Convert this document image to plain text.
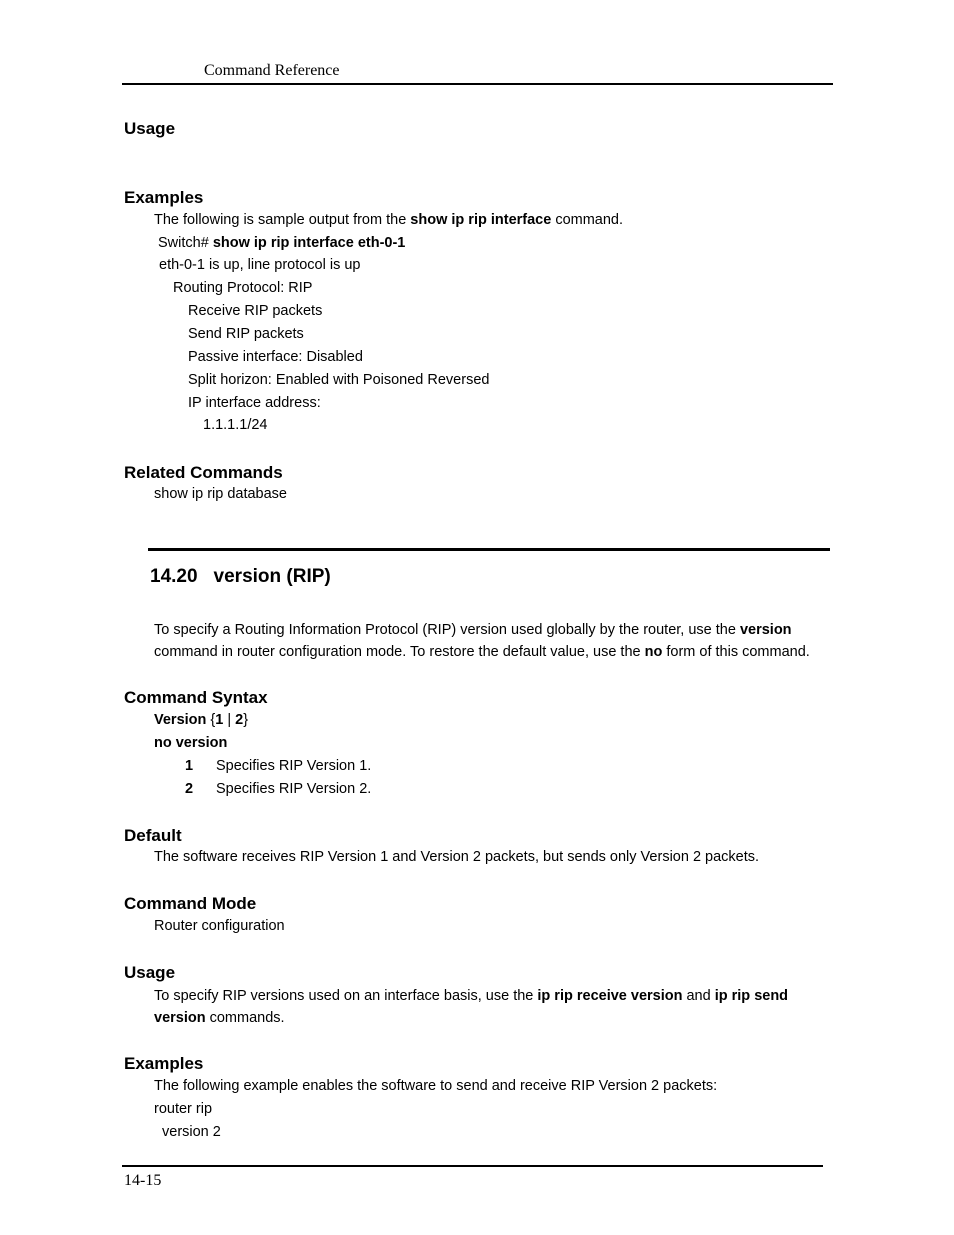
Command Reference
Usage
Examples
The following is sample output from the show ip rip interface command.
Switch# show ip rip interface eth-0-1
eth-0-1 is up, line protocol is up
Routing Protocol: RIP
Receive RIP packets
Send RIP packets
Passive interface: Disabled
Split horizon: Enabled with Poisoned Reversed
IP interface address:
1.1.1.1/24
Related Commands
show ip rip database
14.20 version (RIP)
To specify a Routing Information Protocol (RIP) version used globally by the router, use the version
command in router configuration mode. To restore the default value, use the no form of this command.
Command Syntax
Version {1 | 2}
no version
1 Specifies RIP Version 1.
2 Specifies RIP Version 2.
Default
The software receives RIP Version 1 and Version 2 packets, but sends only Version 2 packets.
Command Mode
Router configuration
Usage
To specify RIP versions used on an interface basis, use the ip rip receive version and ip rip send
version commands.
Examples
The following example enables the software to send and receive RIP Version 2 packets:
router rip
version 2
14-15
